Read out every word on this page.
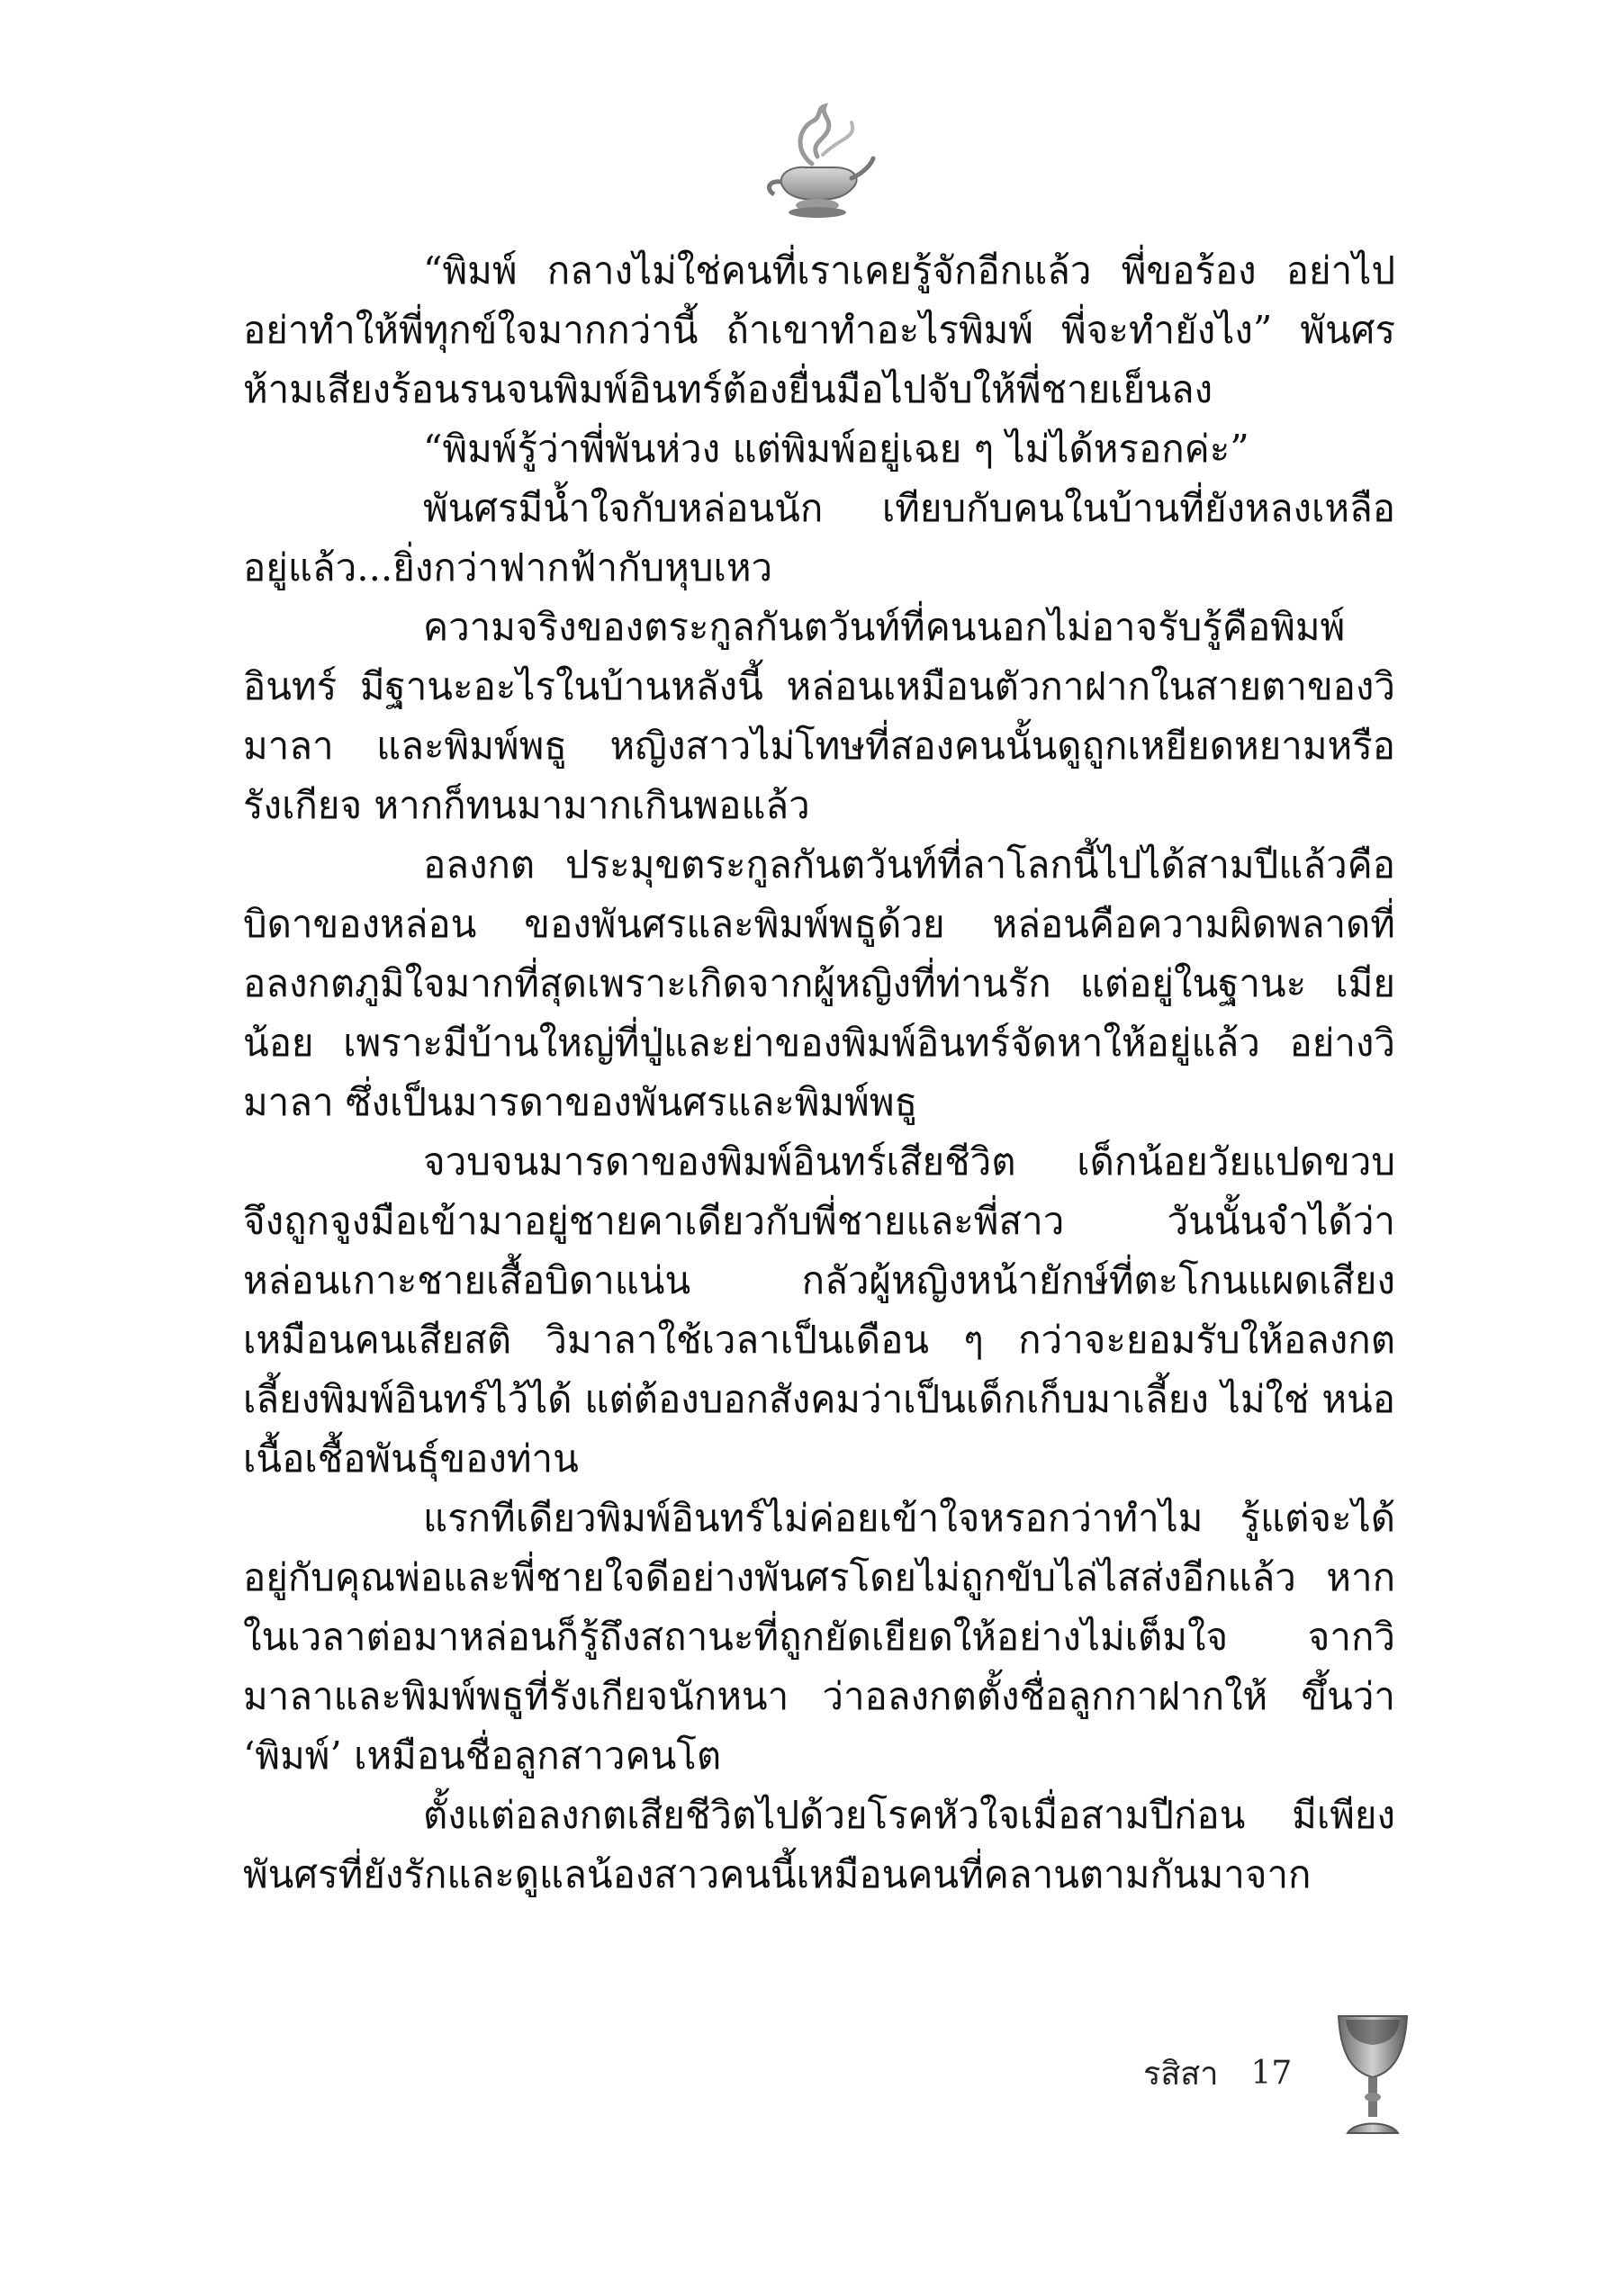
“พิมพ์ กลางไม่ใช่คนที่เราเคยรู้จักอีกแล้ว พี่ขอร้อง อย่าไป อย่าทำให้พี่ทุกข์ใจมากกว่านี้ ถ้าเขาทำอะไรพิมพ์ พี่จะทำยังไง” พันศร ห้ามเสียงร้อนรนจนพิมพ์อินทร์ต้องยื่นมือไปจับให้พี่ชายเย็นลง

“พิมพ์รู้ว่าพี่พันห่วง แต่พิมพ์อยู่เฉย ๆ ไม่ได้หรอกค่ะ”

พันศรมีน้ำใจกับหล่อนนัก เทียบกับคนในบ้านที่ยังหลงเหลือ อยู่แล้ว...ยิ่งกว่าฟากฟ้ากับหุบเหว

ความจริงของตระกูลกันตวันท์ที่คนนอกไม่อาจรับรู้คือพิมพ์อินทร์ มีฐานะอะไรในบ้านหลังนี้ หล่อนเหมือนตัวกาฝากในสายตาของวิมาลา และพิมพ์พธู หญิงสาวไม่โทษที่สองคนนั้นดูถูกเหยียดหยามหรือรังเกียจ หากก็ทนมามากเกินพอแล้ว

อลงกต ประมุขตระกูลกันตวันท์ที่ลาโลกนี้ไปได้สามปีแล้วคือ บิดาของหล่อน ของพันศรและพิมพ์พธูด้วย หล่อนคือความผิดพลาดที่ อลงกตภูมิใจมากที่สุดเพราะเกิดจากผู้หญิงที่ท่านรัก แต่อยู่ในฐานะ เมียน้อย เพราะมีบ้านใหญ่ที่ปู่และย่าของพิมพ์อินทร์จัดหาให้อยู่แล้ว อย่างวิมาลา ซึ่งเป็นมารดาของพันศรและพิมพ์พธู

จวบจนมารดาของพิมพ์อินทร์เสียชีวิต เด็กน้อยวัยแปดขวบ จึงถูกจูงมือเข้ามาอยู่ชายคาเดียวกับพี่ชายและพี่สาว วันนั้นจำได้ว่า หล่อนเกาะชายเสื้อบิดาแน่น กลัวผู้หญิงหน้ายักษ์ที่ตะโกนแผดเสียง เหมือนคนเสียสติ วิมาลาใช้เวลาเป็นเดือน ๆ กว่าจะยอมรับให้อลงกต เลี้ยงพิมพ์อินทร์ไว้ได้ แต่ต้องบอกสังคมว่าเป็นเด็กเก็บมาเลี้ยง ไม่ใช่ หน่อเนื้อเชื้อพันธุ์ของท่าน

แรกทีเดียวพิมพ์อินทร์ไม่ค่อยเข้าใจหรอกว่าทำไม รู้แต่จะได้ อยู่กับคุณพ่อและพี่ชายใจดีอย่างพันศรโดยไม่ถูกขับไล่ไสส่งอีกแล้ว หากในเวลาต่อมาหล่อนก็รู้ถึงสถานะที่ถูกยัดเยียดให้อย่างไม่เต็มใจ จากวิมาลาและพิมพ์พธูที่รังเกียจนักหนา ว่าอลงกตตั้งชื่อลูกกาฝากให้ ขึ้นว่า ‘พิมพ์’ เหมือนชื่อลูกสาวคนโต

ตั้งแต่อลงกตเสียชีวิตไปด้วยโรคหัวใจเมื่อสามปีก่อน มีเพียง พันศรที่ยังรักและดูแลน้องสาวคนนี้เหมือนคนที่คลานตามกันมาจาก

รสิสา 17
